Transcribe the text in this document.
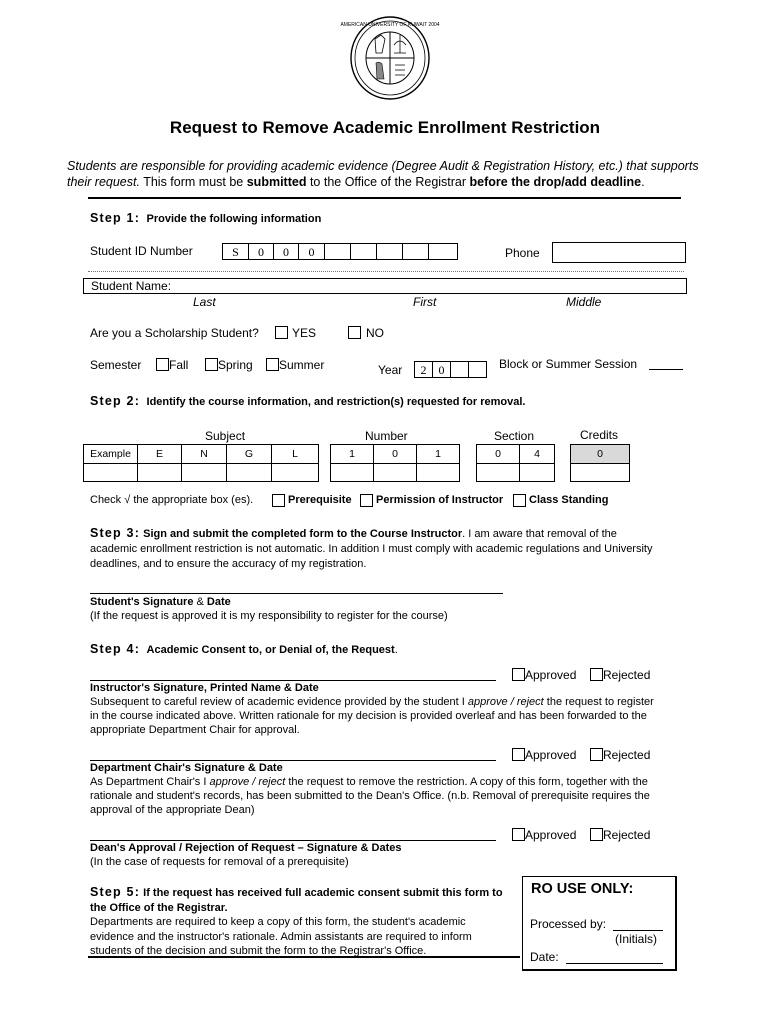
AMERICAN UNIVERSITY OF KUWAIT 2004
Request to Remove Academic Enrollment Restriction
Students are responsible for providing academic evidence (Degree Audit & Registration History, etc.) that supports their request. This form must be submitted to the Office of the Registrar before the drop/add deadline.
Step 1: Provide the following information
Student ID Number	S	0	0	0	Phone
Student Name:
Last	First	Middle
Are you a Scholarship Student?	YES	NO
Semester Fall Spring Summer	Year	2	0	Block or Summer Session
Step 2: Identify the course information, and restriction(s) requested for removal.
Subject	Number	Section	Credits
Example	E	N	G	L	1	0	1	0	4	0
Check √ the appropriate box (es).	Prerequisite Permission of Instructor Class Standing
Step 3: Sign and submit the completed form to the Course Instructor. I am aware that removal of the
academic enrollment restriction is not automatic. In addition I must comply with academic regulations and University
deadlines, and to ensure the accuracy of my registration.
Student's Signature & Date
(If the request is approved it is my responsibility to register for the course)
Step 4: Academic Consent to, or Denial of, the Request.
Approved Rejected
Instructor's Signature, Printed Name & Date
Subsequent to careful review of academic evidence provided by the student I approve / reject the request to register
in the course indicated above. Written rationale for my decision is provided overleaf and has been forwarded to the
appropriate Department Chair for approval.
Approved Rejected
Department Chair's Signature & Date
As Department Chair's I approve / reject the request to remove the restriction. A copy of this form, together with the
rationale and student's records, has been submitted to the Dean's Office. (n.b. Removal of prerequisite requires the
approval of the appropriate Dean)
Approved Rejected
Dean's Approval / Rejection of Request – Signature & Dates
(In the case of requests for removal of a prerequisite)
Step 5: If the request has received full academic consent submit this form to
the Office of the Registrar.
Departments are required to keep a copy of this form, the student's academic
evidence and the instructor's rationale. Admin assistants are required to inform
students of the decision and submit the form to the Registrar's Office.
RO USE ONLY:
Processed by:
(Initials)
Date:
